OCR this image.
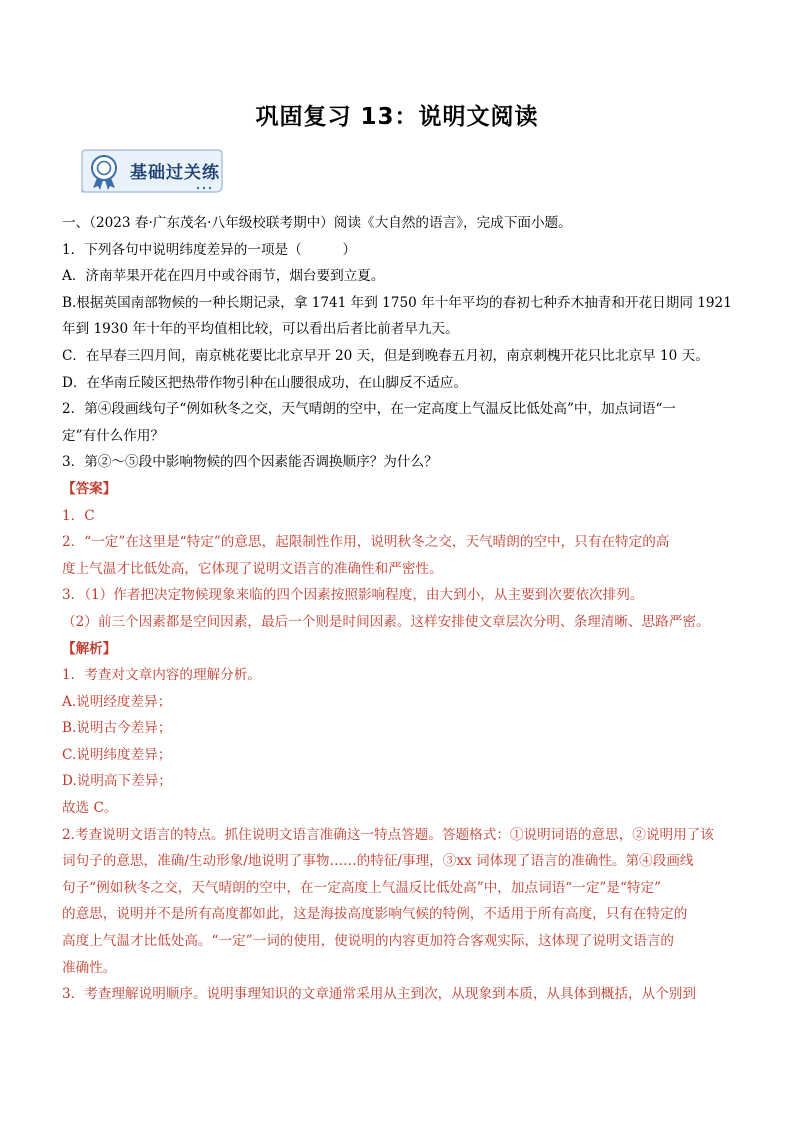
巩固复习 13：说明文阅读
基础过关练
一、（2023 春·广东茂名·八年级校联考期中）阅读《大自然的语言》，完成下面小题。
1．下列各句中说明纬度差异的一项是（　　　）
A．济南苹果开花在四月中或谷雨节，烟台要到立夏。
B.根据英国南部物候的一种长期记录，拿 1741 年到 1750 年十年平均的春初七种乔木抽青和开花日期同 1921
年到 1930 年十年的平均值相比较，可以看出后者比前者早九天。
C．在早春三四月间，南京桃花要比北京早开 20 天，但是到晚春五月初，南京刺槐开花只比北京早 10 天。
D．在华南丘陵区把热带作物引种在山腰很成功，在山脚反不适应。
2．第④段画线句子“例如秋冬之交，天气晴朗的空中，在一定高度上气温反比低处高”中，加点词语“一
定”有什么作用？
3．第②～⑤段中影响物候的四个因素能否调换顺序？为什么？
【答案】
1．C
2．“一定”在这里是“特定”的意思，起限制性作用，说明秋冬之交，天气晴朗的空中，只有在特定的高
度上气温才比低处高，它体现了说明文语言的准确性和严密性。
3．（1）作者把决定物候现象来临的四个因素按照影响程度，由大到小，从主要到次要依次排列。
（2）前三个因素都是空间因素，最后一个则是时间因素。这样安排使文章层次分明、条理清晰、思路严密。
【解析】
1．考查对文章内容的理解分析。
A.说明经度差异；
B.说明古今差异；
C.说明纬度差异；
D.说明高下差异；
故选 C。
2.考查说明文语言的特点。抓住说明文语言准确这一特点答题。答题格式：①说明词语的意思，②说明用了该
词句子的意思，准确/生动形象/地说明了事物……的特征/事理，③xx 词体现了语言的准确性。第④段画线
句子“例如秋冬之交，天气晴朗的空中，在一定高度上气温反比低处高”中，加点词语“一定”是“特定”
的意思，说明并不是所有高度都如此，这是海拔高度影响气候的特例，不适用于所有高度，只有在特定的
高度上气温才比低处高。“一定”一词的使用，使说明的内容更加符合客观实际，这体现了说明文语言的
准确性。
3．考查理解说明顺序。说明事理知识的文章通常采用从主到次，从现象到本质，从具体到概括，从个别到
